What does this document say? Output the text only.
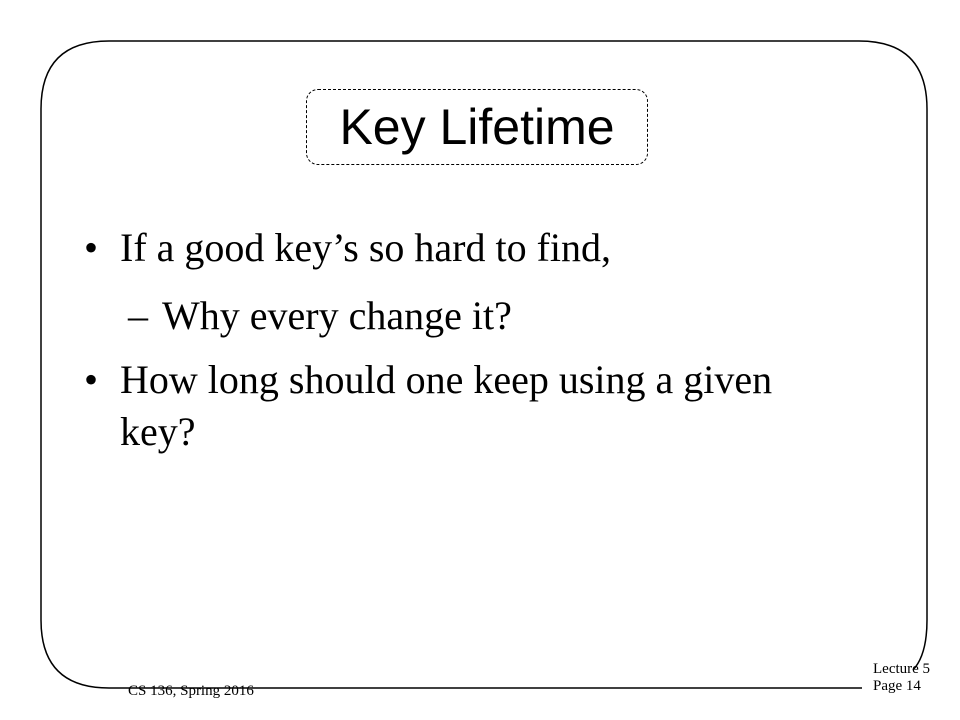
Key Lifetime
• If a good key’s so hard to find,
– Why every change it?
• How long should one keep using a given key?
CS 136, Spring 2016
Lecture 5
Page 14
